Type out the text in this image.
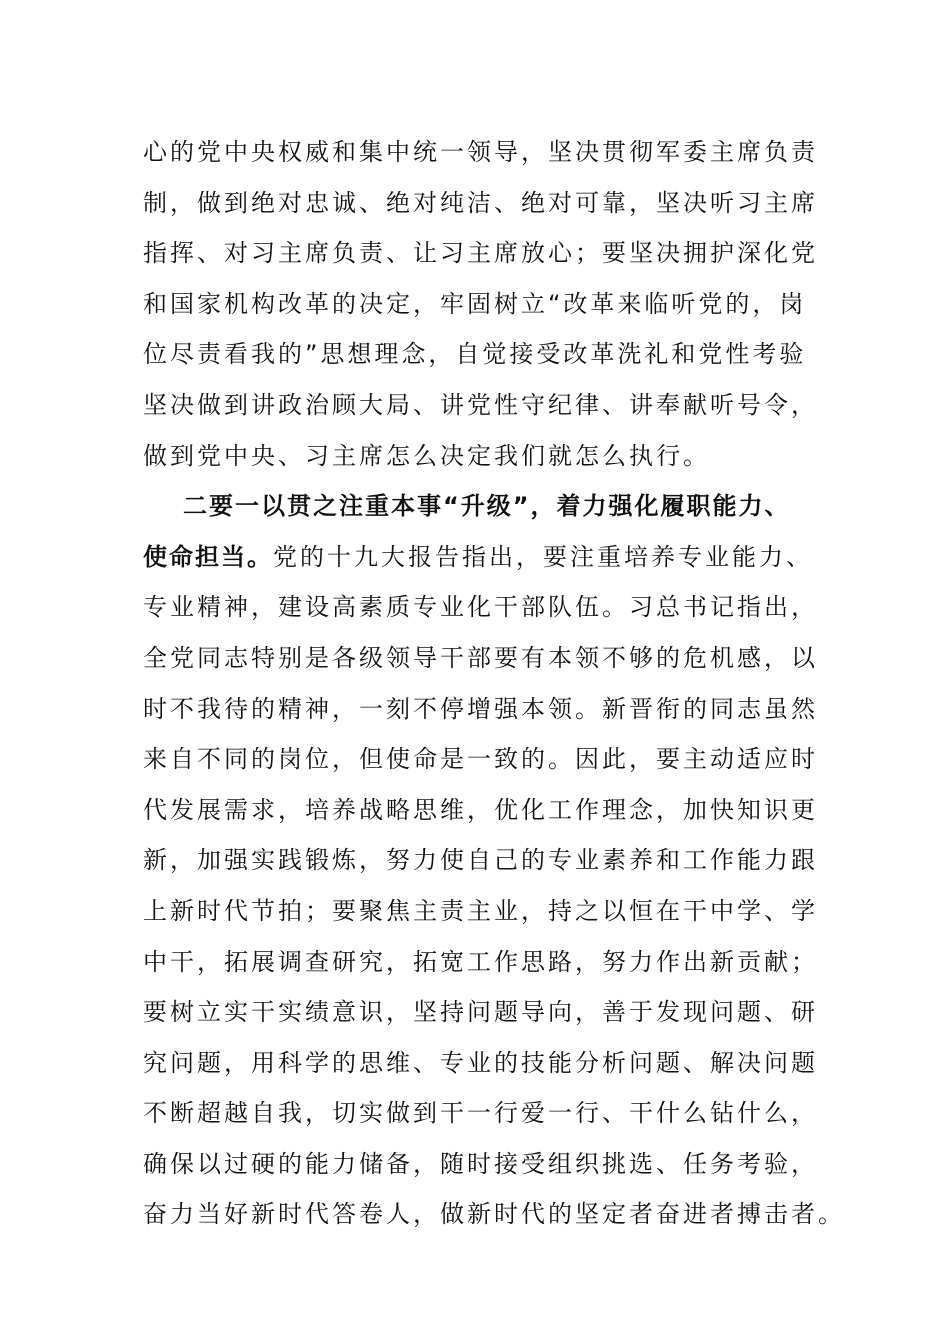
心的党中央权威和集中统一领导，坚决贯彻军委主席负责
制，做到绝对忠诚、绝对纯洁、绝对可靠，坚决听习主席
指挥、对习主席负责、让习主席放心；要坚决拥护深化党
和国家机构改革的决定，牢固树立“改革来临听党的，岗
位尽责看我的”思想理念，自觉接受改革洗礼和党性考验
坚决做到讲政治顾大局、讲党性守纪律、讲奉献听号令，
做到党中央、习主席怎么决定我们就怎么执行。
二要一以贯之注重本事“升级”，着力强化履职能力、
使命担当。党的十九大报告指出，要注重培养专业能力、
专业精神，建设高素质专业化干部队伍。习总书记指出，
全党同志特别是各级领导干部要有本领不够的危机感，以
时不我待的精神，一刻不停增强本领。新晋衔的同志虽然
来自不同的岗位，但使命是一致的。因此，要主动适应时
代发展需求，培养战略思维，优化工作理念，加快知识更
新，加强实践锻炼，努力使自己的专业素养和工作能力跟
上新时代节拍；要聚焦主责主业，持之以恒在干中学、学
中干，拓展调查研究，拓宽工作思路，努力作出新贡献；
要树立实干实绩意识，坚持问题导向，善于发现问题、研
究问题，用科学的思维、专业的技能分析问题、解决问题
不断超越自我，切实做到干一行爱一行、干什么钻什么，
确保以过硬的能力储备，随时接受组织挑选、任务考验，
奋力当好新时代答卷人，做新时代的坚定者奋进者搏击者。
